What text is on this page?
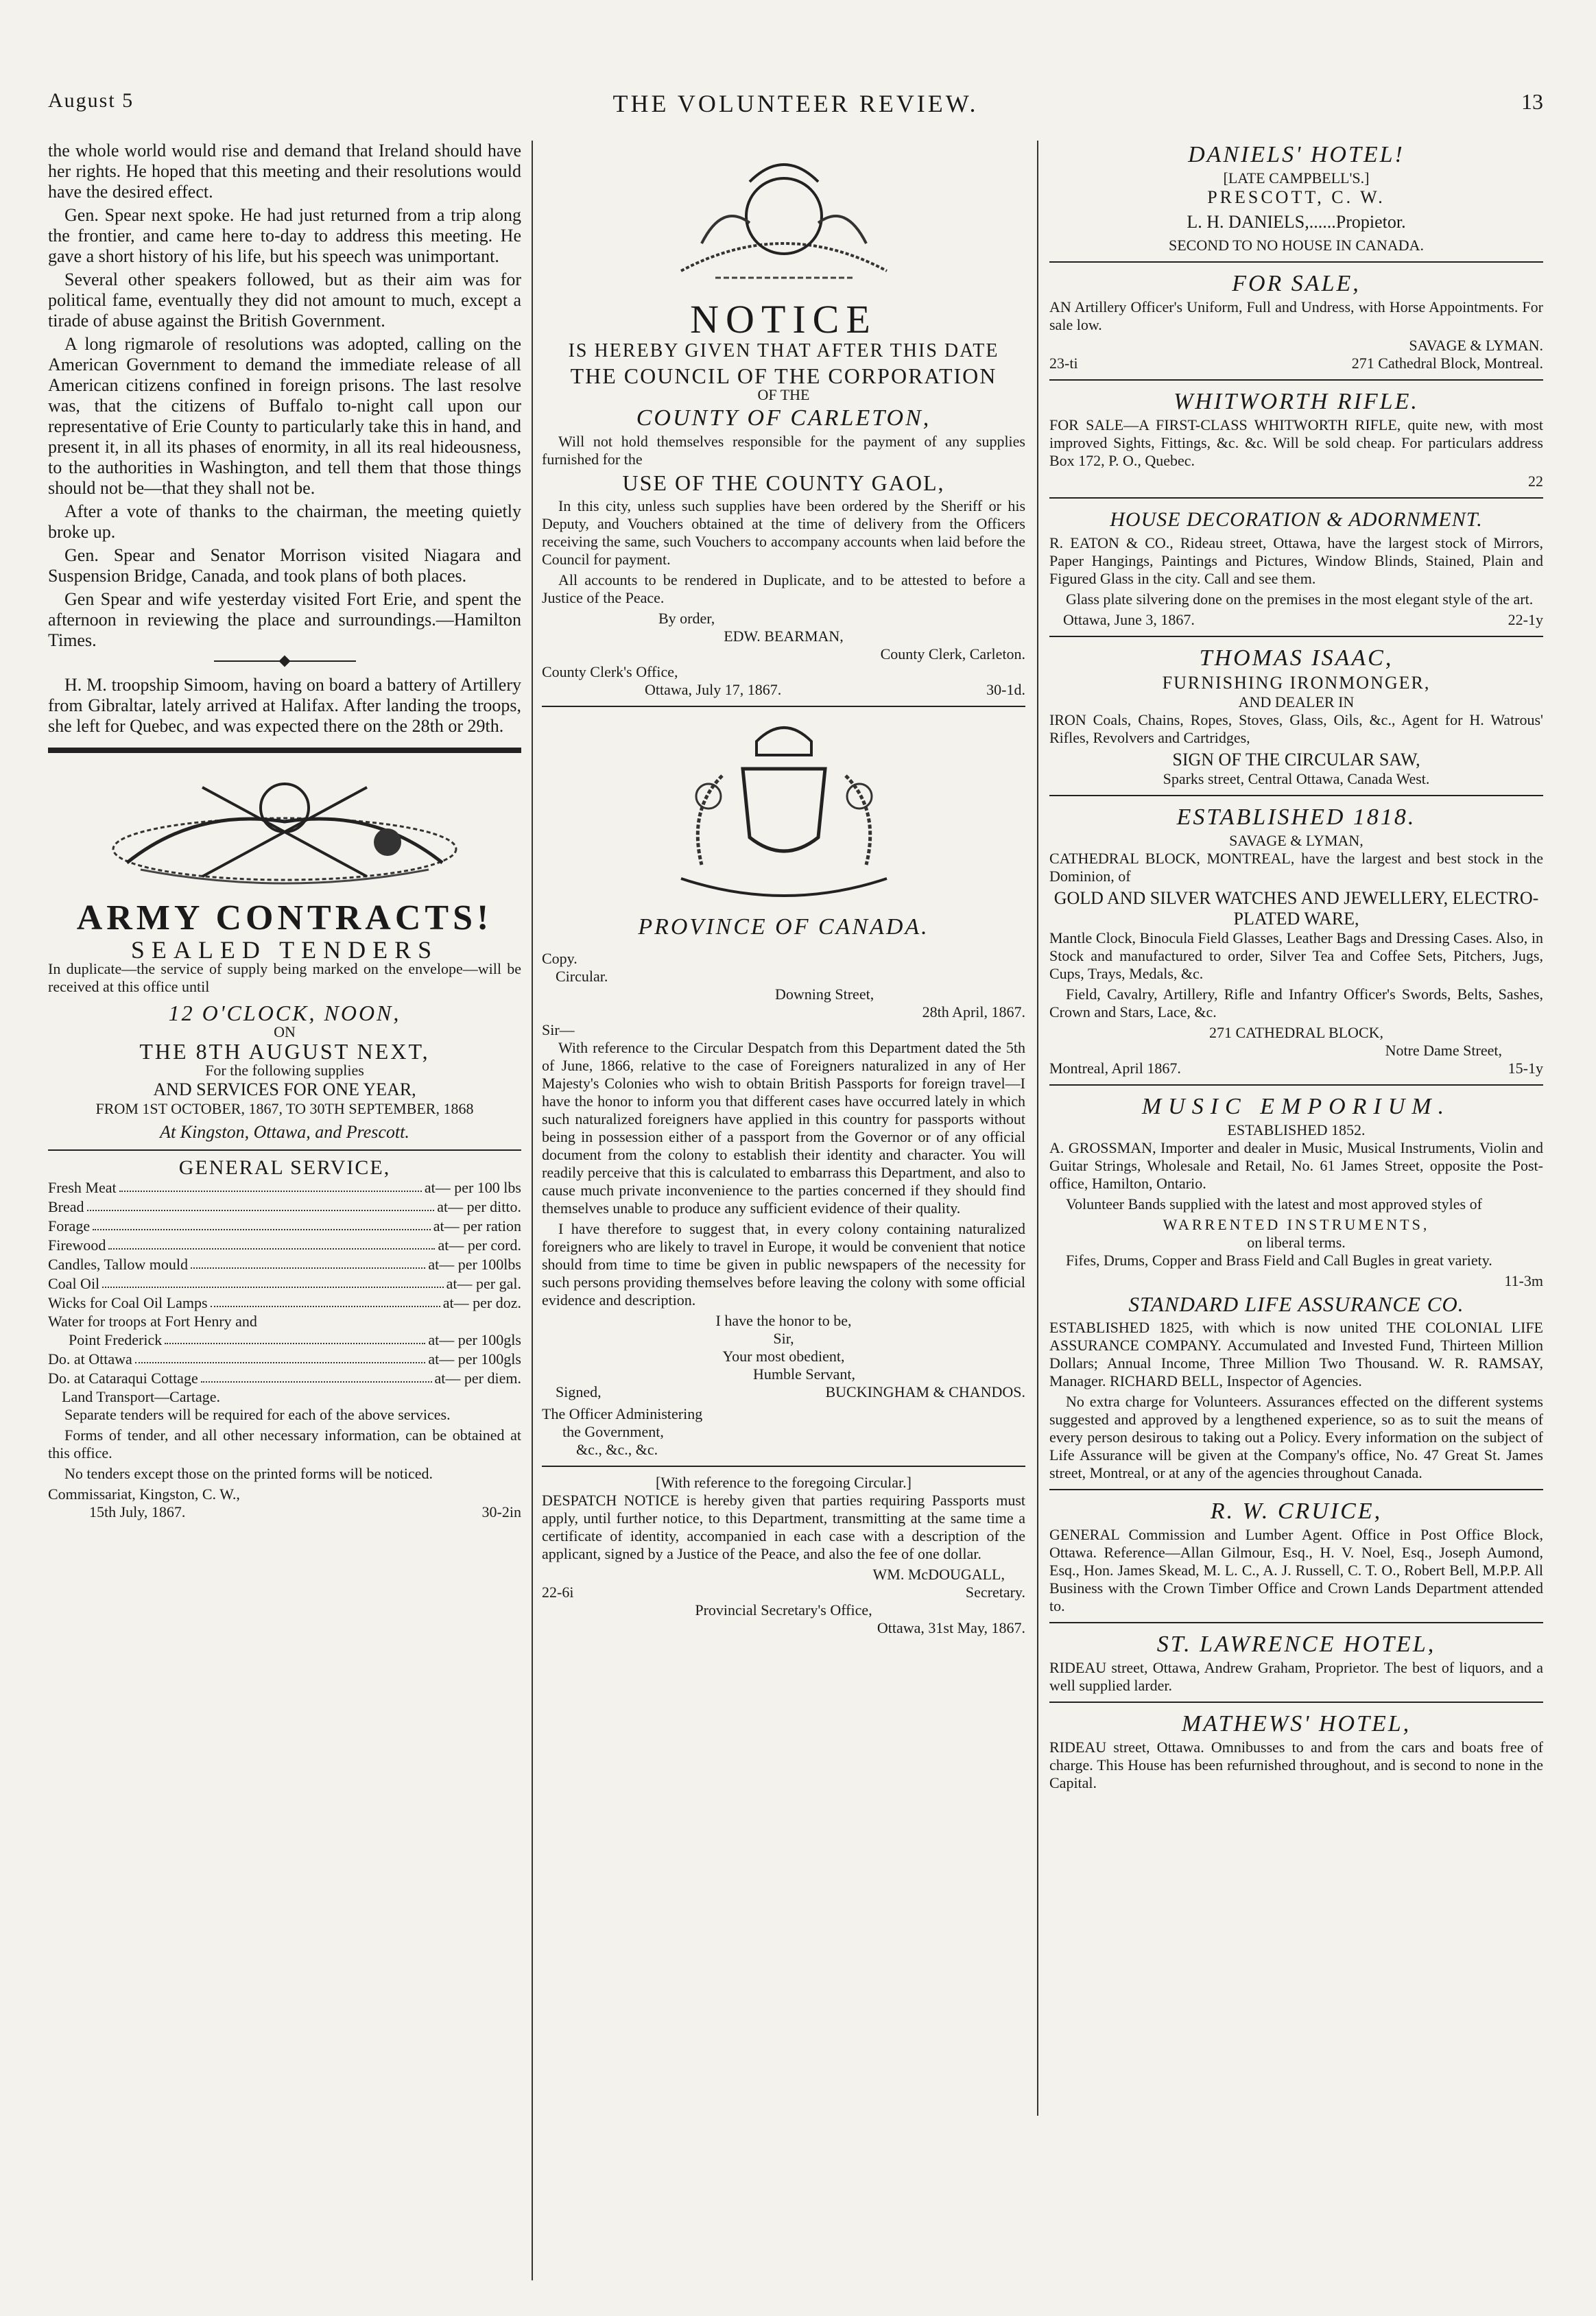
August 5	THE VOLUNTEER REVIEW.	13

the whole world would rise and demand that Ireland should have her rights. He hoped that this meeting and their resolutions would have the desired effect.

Gen. Spear next spoke. He had just returned from a trip along the frontier, and came here to-day to address this meeting. He gave a short history of his life, but his speech was unimportant.

Several other speakers followed, but as their aim was for political fame, eventually they did not amount to much, except a tirade of abuse against the British Government.

A long rigmarole of resolutions was adopted, calling on the American Government to demand the immediate release of all American citizens confined in foreign prisons. The last resolve was, that the citizens of Buffalo to-night call upon our representative of Erie County to particularly take this in hand, and present it, in all its phases of enormity, in all its real hideousness, to the authorities in Washington, and tell them that those things should not be—that they shall not be.

After a vote of thanks to the chairman, the meeting quietly broke up.

Gen. Spear and Senator Morrison visited Niagara and Suspension Bridge, Canada, and took plans of both places.

Gen Spear and wife yesterday visited Fort Erie, and spent the afternoon in reviewing the place and surroundings.—Hamilton Times.

H. M. troopship Simoom, having on board a battery of Artillery from Gibraltar, lately arrived at Halifax. After landing the troops, she left for Quebec, and was expected there on the 28th or 29th.

ARMY CONTRACTS!
SEALED TENDERS

In duplicate—the service of supply being marked on the envelope—will be received at this office until

12 O'CLOCK, NOON,
ON
THE 8TH AUGUST NEXT,
For the following supplies
AND SERVICES FOR ONE YEAR,
FROM 1ST OCTOBER, 1867, TO 30TH SEPTEMBER, 1868
At Kingston, Ottawa, and Prescott.
GENERAL SERVICE,
Fresh Meat	at— per 100 lbs
Bread	at— per ditto.
Forage	at— per ration
Firewood	at— per cord.
Candles, Tallow mould	at— per 100lbs
Coal Oil	at— per gal.
Wicks for Coal Oil Lamps	at— per doz.
Water for troops at Fort Henry and
Point Frederick	at— per 100gls
Do. at Ottawa	at— per 100gls
Do. at Cataraqui Cottage	at— per diem.
Land Transport—Cartage.

Separate tenders will be required for each of the above services.

Forms of tender, and all other necessary information, can be obtained at this office.

No tenders except those on the printed forms will be noticed.

Commissariat, Kingston, C. W.,
15th July, 1867.	30-2in
NOTICE
IS HEREBY GIVEN THAT AFTER THIS DATE
THE COUNCIL OF THE CORPORATION
OF THE
COUNTY OF CARLETON,

Will not hold themselves responsible for the payment of any supplies furnished for the

USE OF THE COUNTY GAOL,

In this city, unless such supplies have been ordered by the Sheriff or his Deputy, and Vouchers obtained at the time of delivery from the Officers receiving the same, such Vouchers to accompany accounts when laid before the Council for payment.

All accounts to be rendered in Duplicate, and to be attested to before a Justice of the Peace.

By order,
EDW. BEARMAN,
County Clerk, Carleton.
County Clerk's Office,
Ottawa, July 17, 1867.	30-1d.
PROVINCE OF CANADA.
Copy.
Circular.
Downing Street,
28th April, 1867.
Sir—

With reference to the Circular Despatch from this Department dated the 5th of June, 1866, relative to the case of Foreigners naturalized in any of Her Majesty's Colonies who wish to obtain British Passports for foreign travel—I have the honor to inform you that different cases have occurred lately in which such naturalized foreigners have applied in this country for passports without being in possession either of a passport from the Governor or of any official document from the colony to establish their identity and character. You will readily perceive that this is calculated to embarrass this Department, and also to cause much private inconvenience to the parties concerned if they should find themselves unable to produce any sufficient evidence of their quality.

I have therefore to suggest that, in every colony containing naturalized foreigners who are likely to travel in Europe, it would be convenient that notice should from time to time be given in public newspapers of the necessity for such persons providing themselves before leaving the colony with some official evidence and description.

I have the honor to be,
Sir,
Your most obedient,
Humble Servant,
Signed,	BUCKINGHAM & CHANDOS.
The Officer Administering
the Government,
&c., &c., &c.
[With reference to the foregoing Circular.]

DESPATCH NOTICE is hereby given that parties requiring Passports must apply, until further notice, to this Department, transmitting at the same time a certificate of identity, accompanied in each case with a description of the applicant, signed by a Justice of the Peace, and also the fee of one dollar.

WM. McDOUGALL,
22-6i	Secretary.
Provincial Secretary's Office,
Ottawa, 31st May, 1867.
DANIELS' HOTEL!
[LATE CAMPBELL'S.]
PRESCOTT, C. W.
L. H. DANIELS,......Propietor.
SECOND TO NO HOUSE IN CANADA.
FOR SALE,

AN Artillery Officer's Uniform, Full and Undress, with Horse Appointments. For sale low.

SAVAGE & LYMAN.
23-ti	271 Cathedral Block, Montreal.
WHITWORTH RIFLE.

FOR SALE—A FIRST-CLASS WHITWORTH RIFLE, quite new, with most improved Sights, Fittings, &c. &c. Will be sold cheap. For particulars address Box 172, P. O., Quebec.

22
HOUSE DECORATION & ADORNMENT.

R. EATON & CO., Rideau street, Ottawa, have the largest stock of Mirrors, Paper Hangings, Paintings and Pictures, Window Blinds, Stained, Plain and Figured Glass in the city. Call and see them.

Glass plate silvering done on the premises in the most elegant style of the art.

Ottawa, June 3, 1867.	22-1y
THOMAS ISAAC,
FURNISHING IRONMONGER,
AND DEALER IN

IRON Coals, Chains, Ropes, Stoves, Glass, Oils, &c., Agent for H. Watrous' Rifles, Revolvers and Cartridges,

SIGN OF THE CIRCULAR SAW,
Sparks street, Central Ottawa, Canada West.
ESTABLISHED 1818.
SAVAGE & LYMAN,

CATHEDRAL BLOCK, MONTREAL, have the largest and best stock in the Dominion, of

GOLD AND SILVER WATCHES AND JEWELLERY, ELECTRO-PLATED WARE,

Mantle Clock, Binocula Field Glasses, Leather Bags and Dressing Cases. Also, in Stock and manufactured to order, Silver Tea and Coffee Sets, Pitchers, Jugs, Cups, Trays, Medals, &c.

Field, Cavalry, Artillery, Rifle and Infantry Officer's Swords, Belts, Sashes, Crown and Stars, Lace, &c.

271 CATHEDRAL BLOCK,
Notre Dame Street,
Montreal, April 1867.	15-1y
MUSIC EMPORIUM.
ESTABLISHED 1852.

A. GROSSMAN, Importer and dealer in Music, Musical Instruments, Violin and Guitar Strings, Wholesale and Retail, No. 61 James Street, opposite the Post-office, Hamilton, Ontario.

Volunteer Bands supplied with the latest and most approved styles of

WARRENTED INSTRUMENTS,
on liberal terms.

Fifes, Drums, Copper and Brass Field and Call Bugles in great variety.

11-3m
STANDARD LIFE ASSURANCE CO.

ESTABLISHED 1825, with which is now united THE COLONIAL LIFE ASSURANCE COMPANY. Accumulated and Invested Fund, Thirteen Million Dollars; Annual Income, Three Million Two Thousand. W. R. RAMSAY, Manager. RICHARD BELL, Inspector of Agencies.

No extra charge for Volunteers. Assurances effected on the different systems suggested and approved by a lengthened experience, so as to suit the means of every person desirous to taking out a Policy. Every information on the subject of Life Assurance will be given at the Company's office, No. 47 Great St. James street, Montreal, or at any of the agencies throughout Canada.

R. W. CRUICE,

GENERAL Commission and Lumber Agent. Office in Post Office Block, Ottawa. Reference—Allan Gilmour, Esq., H. V. Noel, Esq., Joseph Aumond, Esq., Hon. James Skead, M. L. C., A. J. Russell, C. T. O., Robert Bell, M.P.P. All Business with the Crown Timber Office and Crown Lands Department attended to.

ST. LAWRENCE HOTEL,

RIDEAU street, Ottawa, Andrew Graham, Proprietor. The best of liquors, and a well supplied larder.

MATHEWS' HOTEL,

RIDEAU street, Ottawa. Omnibusses to and from the cars and boats free of charge. This House has been refurnished throughout, and is second to none in the Capital.
